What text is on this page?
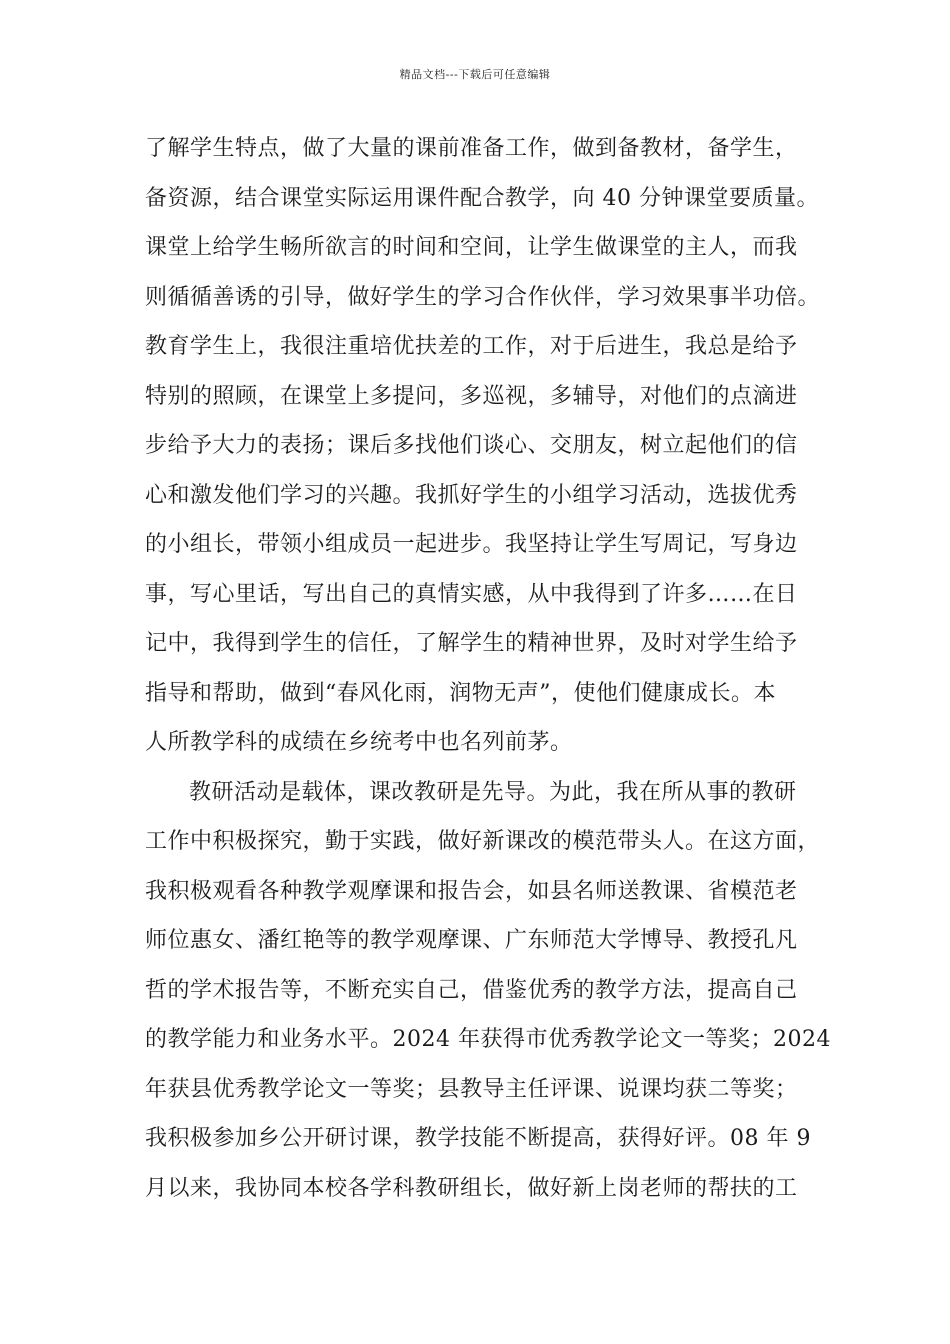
精品文档---下载后可任意编辑
了解学生特点，做了大量的课前准备工作，做到备教材，备学生，
备资源，结合课堂实际运用课件配合教学，向 40 分钟课堂要质量。
课堂上给学生畅所欲言的时间和空间，让学生做课堂的主人，而我
则循循善诱的引导，做好学生的学习合作伙伴，学习效果事半功倍。
教育学生上，我很注重培优扶差的工作，对于后进生，我总是给予
特别的照顾，在课堂上多提问，多巡视，多辅导，对他们的点滴进
步给予大力的表扬；课后多找他们谈心、交朋友，树立起他们的信
心和激发他们学习的兴趣。我抓好学生的小组学习活动，选拔优秀
的小组长，带领小组成员一起进步。我坚持让学生写周记，写身边
事，写心里话，写出自己的真情实感，从中我得到了许多……在日
记中，我得到学生的信任，了解学生的精神世界，及时对学生给予
指导和帮助，做到“春风化雨，润物无声”，使他们健康成长。本
人所教学科的成绩在乡统考中也名列前茅。
教研活动是载体，课改教研是先导。为此，我在所从事的教研
工作中积极探究，勤于实践，做好新课改的模范带头人。在这方面，
我积极观看各种教学观摩课和报告会，如县名师送教课、省模范老
师位惠女、潘红艳等的教学观摩课、广东师范大学博导、教授孔凡
哲的学术报告等，不断充实自己，借鉴优秀的教学方法，提高自己
的教学能力和业务水平。2024 年获得市优秀教学论文一等奖；2024
年获县优秀教学论文一等奖；县教导主任评课、说课均获二等奖；
我积极参加乡公开研讨课，教学技能不断提高，获得好评。08 年 9
月以来，我协同本校各学科教研组长，做好新上岗老师的帮扶的工
